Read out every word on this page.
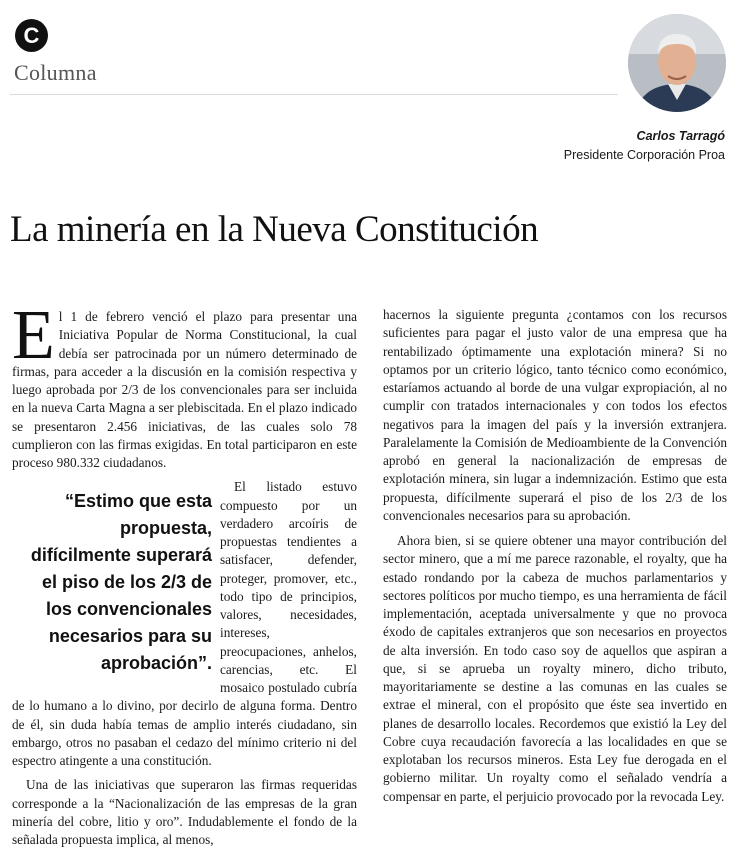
C
Columna
Carlos Tarragó
Presidente Corporación Proa
La minería en la Nueva Constitución

El 1 de febrero venció el plazo para presentar una Iniciativa Popular de Norma Constitucional, la cual debía ser patrocinada por un número determinado de firmas, para acceder a la discusión en la comisión respectiva y luego aprobada por 2/3 de los convencionales para ser incluida en la nueva Carta Magna a ser plebiscitada. En el plazo indicado se presentaron 2.456 iniciativas, de las cuales solo 78 cumplieron con las firmas exigidas. En total participaron en este proceso 980.332 ciudadanos.

“Estimo que esta propuesta, difícilmente superará el piso de los 2/3 de los convencionales necesarios para su aprobación”.

El listado estuvo compuesto por un verdadero arcoíris de propuestas tendientes a satisfacer, defender, proteger, promover, etc., todo tipo de principios, valores, necesidades, intereses, preocupaciones, anhelos, carencias, etc. El mosaico postulado cubría de lo humano a lo divino, por decirlo de alguna forma. Dentro de él, sin duda había temas de amplio interés ciudadano, sin embargo, otros no pasaban el cedazo del mínimo criterio ni del espectro atingente a una constitución.

Una de las iniciativas que superaron las firmas requeridas corresponde a la “Nacionalización de las empresas de la gran minería del cobre, litio y oro”. Indudablemente el fondo de la señalada propuesta implica, al menos,

hacernos la siguiente pregunta ¿contamos con los recursos suficientes para pagar el justo valor de una empresa que ha rentabilizado óptimamente una explotación minera? Si no optamos por un criterio lógico, tanto técnico como económico, estaríamos actuando al borde de una vulgar expropiación, al no cumplir con tratados internacionales y con todos los efectos negativos para la imagen del país y la inversión extranjera. Paralelamente la Comisión de Medioambiente de la Convención aprobó en general la nacionalización de empresas de explotación minera, sin lugar a indemnización. Estimo que esta propuesta, difícilmente superará el piso de los 2/3 de los convencionales necesarios para su aprobación.

Ahora bien, si se quiere obtener una mayor contribución del sector minero, que a mí me parece razonable, el royalty, que ha estado rondando por la cabeza de muchos parlamentarios y sectores políticos por mucho tiempo, es una herramienta de fácil implementación, aceptada universalmente y que no provoca éxodo de capitales extranjeros que son necesarios en proyectos de alta inversión. En todo caso soy de aquellos que aspiran a que, si se aprueba un royalty minero, dicho tributo, mayoritariamente se destine a las comunas en las cuales se extrae el mineral, con el propósito que éste sea invertido en planes de desarrollo locales. Recordemos que existió la Ley del Cobre cuya recaudación favorecía a las localidades en que se explotaban los recursos mineros. Esta Ley fue derogada en el gobierno militar. Un royalty como el señalado vendría a compensar en parte, el perjuicio provocado por la revocada Ley.
